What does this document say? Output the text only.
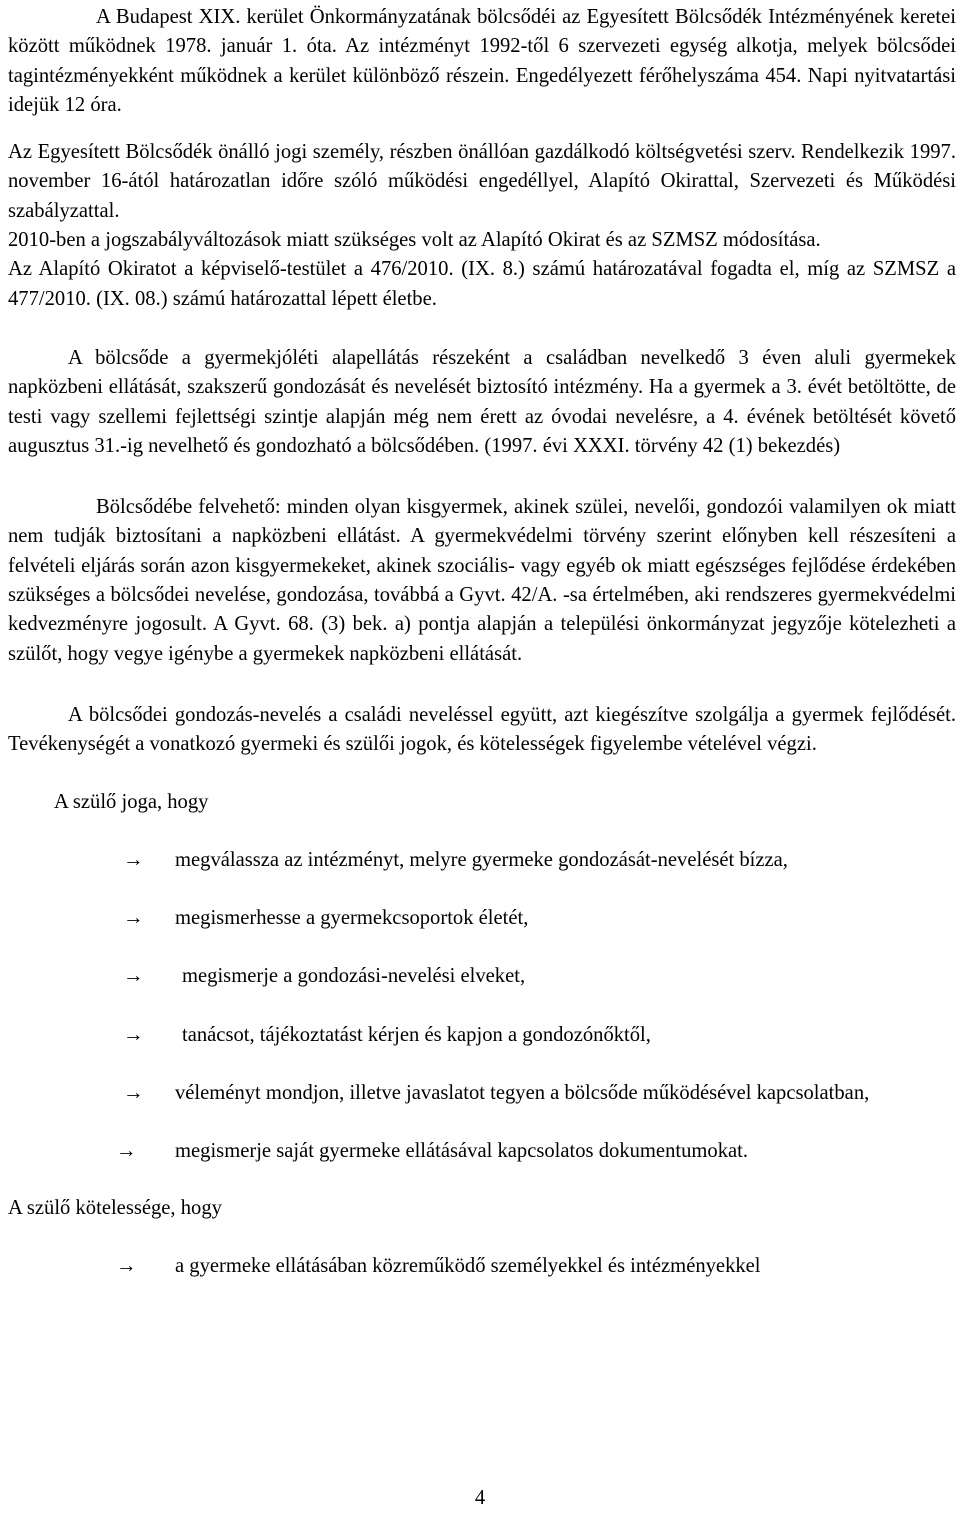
A Budapest XIX. kerület Önkormányzatának bölcsődéi az Egyesített Bölcsődék Intézményének keretei között működnek 1978. január 1. óta. Az intézményt 1992-től 6 szervezeti egység alkotja, melyek bölcsődei tagintézményekként működnek a kerület különböző részein. Engedélyezett férőhelyszáma 454. Napi nyitvatartási idejük 12 óra.

Az Egyesített Bölcsődék önálló jogi személy, részben önállóan gazdálkodó költségvetési szerv. Rendelkezik 1997. november 16-ától határozatlan időre szóló működési engedéllyel, Alapító Okirattal, Szervezeti és Működési szabályzattal.

2010-ben a jogszabályváltozások miatt szükséges volt az Alapító Okirat és az SZMSZ módosítása.

Az Alapító Okiratot a képviselő-testület a 476/2010. (IX. 8.) számú határozatával fogadta el, míg az SZMSZ a 477/2010. (IX. 08.) számú határozattal lépett életbe.

A bölcsőde a gyermekjóléti alapellátás részeként a családban nevelkedő 3 éven aluli gyermekek napközbeni ellátását, szakszerű gondozását és nevelését biztosító intézmény. Ha a gyermek a 3. évét betöltötte, de testi vagy szellemi fejlettségi szintje alapján még nem érett az óvodai nevelésre, a 4. évének betöltését követő augusztus 31.-ig nevelhető és gondozható a bölcsődében. (1997. évi XXXI. törvény 42 (1) bekezdés)

Bölcsődébe felvehető: minden olyan kisgyermek, akinek szülei, nevelői, gondozói valamilyen ok miatt nem tudják biztosítani a napközbeni ellátást. A gyermekvédelmi törvény szerint előnyben kell részesíteni a felvételi eljárás során azon kisgyermekeket, akinek szociális- vagy egyéb ok miatt egészséges fejlődése érdekében szükséges a bölcsődei nevelése, gondozása, továbbá a Gyvt. 42/A. -sa értelmében, aki rendszeres gyermekvédelmi kedvezményre jogosult. A Gyvt. 68. (3) bek. a) pontja alapján a települési önkormányzat jegyzője kötelezheti a szülőt, hogy vegye igénybe a gyermekek napközbeni ellátását.

A bölcsődei gondozás-nevelés a családi neveléssel együtt, azt kiegészítve szolgálja a gyermek fejlődését. Tevékenységét a vonatkozó gyermeki és szülői jogok, és kötelességek figyelembe vételével végzi.

A szülő joga, hogy
→ megválassza az intézményt, melyre gyermeke gondozását-nevelését bízza,
→ megismerhesse a gyermekcsoportok életét,
→ megismerje a gondozási-nevelési elveket,
→ tanácsot, tájékoztatást kérjen és kapjon a gondozónőktől,
→ véleményt mondjon, illetve javaslatot tegyen a bölcsőde működésével kapcsolatban,
→ megismerje saját gyermeke ellátásával kapcsolatos dokumentumokat.
A szülő kötelessége, hogy
→ a gyermeke ellátásában közreműködő személyekkel és intézményekkel
4
